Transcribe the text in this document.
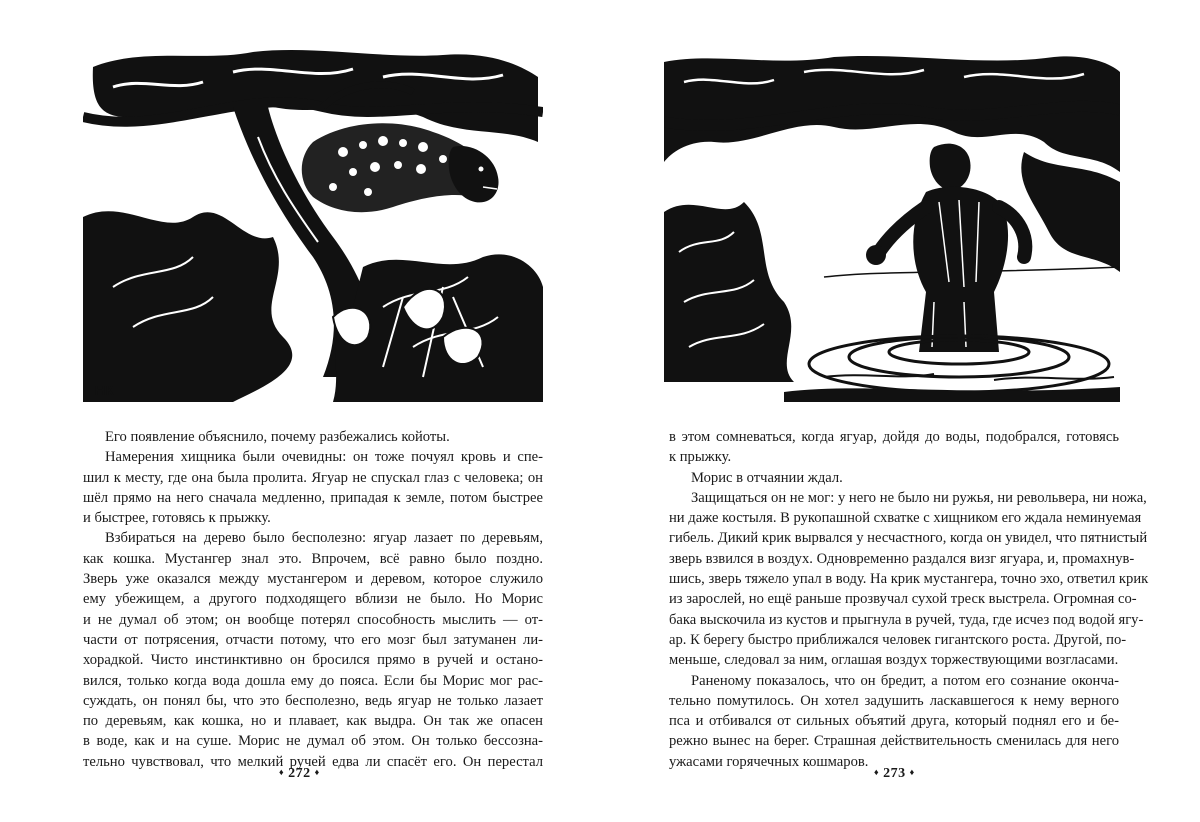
НК

Его появление объяснило, почему разбежались койоты.

Намерения хищника были очевидны: он тоже почуял кровь и спе-
шил к месту, где она была пролита. Ягуар не спускал глаз с человека; он
шёл прямо на него сначала медленно, припадая к земле, потом быстрее
и быстрее, готовясь к прыжку.

Взбираться на дерево было бесполезно: ягуар лазает по деревьям,
как кошка. Мустангер знал это. Впрочем, всё равно было поздно.
Зверь уже оказался между мустангером и деревом, которое служило
ему убежищем, а другого подходящего вблизи не было. Но Морис
и не думал об этом; он вообще потерял способность мыслить — от-
части от потрясения, отчасти потому, что его мозг был затуманен ли-
хорадкой. Чисто инстинктивно он бросился прямо в ручей и остано-
вился, только когда вода дошла ему до пояса. Если бы Морис мог рас-
суждать, он понял бы, что это бесполезно, ведь ягуар не только лазает
по деревьям, как кошка, но и плавает, как выдра. Он так же опасен
в воде, как и на суше. Морис не думал об этом. Он только бессозна-
тельно чувствовал, что мелкий ручей едва ли спасёт его. Он перестал

♦ 272 ♦

в этом сомневаться, когда ягуар, дойдя до воды, подобрался, готовясь
к прыжку.

Морис в отчаянии ждал.

Защищаться он не мог: у него не было ни ружья, ни револьвера, ни ножа,
ни даже костыля. В рукопашной схватке с хищником его ждала неминуемая
гибель. Дикий крик вырвался у несчастного, когда он увидел, что пятнистый
зверь взвился в воздух. Одновременно раздался визг ягуара, и, промахнув-
шись, зверь тяжело упал в воду. На крик мустангера, точно эхо, ответил крик
из зарослей, но ещё раньше прозвучал сухой треск выстрела. Огромная со-
бака выскочила из кустов и прыгнула в ручей, туда, где исчез под водой ягу-
ар. К берегу быстро приближался человек гигантского роста. Другой, по-
меньше, следовал за ним, оглашая воздух торжествующими возгласами.

Раненому показалось, что он бредит, а потом его сознание оконча-
тельно помутилось. Он хотел задушить ласкавшегося к нему верного
пса и отбивался от сильных объятий друга, который поднял его и бе-
режно вынес на берег. Страшная действительность сменилась для него
ужасами горячечных кошмаров.

♦ 273 ♦
